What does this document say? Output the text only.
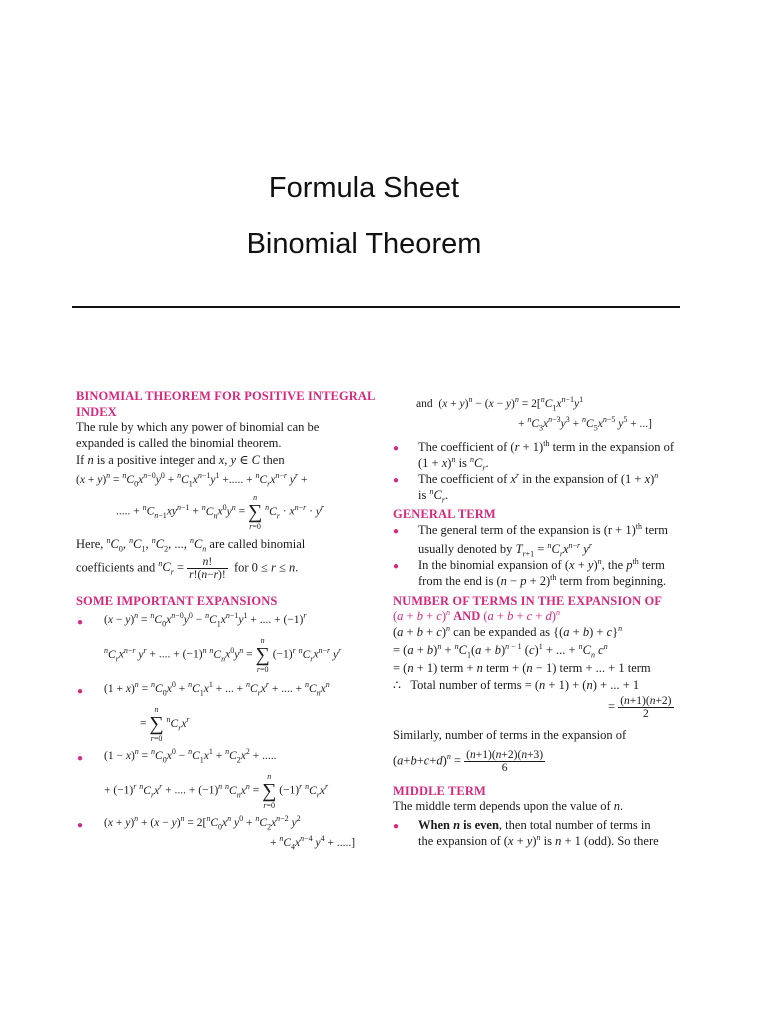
Formula Sheet
Binomial Theorem
BINOMIAL THEOREM FOR POSITIVE INTEGRAL
INDEX
The rule by which any power of binomial can be
expanded is called the binomial theorem.
If n is a positive integer and x, y ∈ C then
$(x + y)^n = ^nC_0x^{n-0}y^0 + ^nC_1x^{n-1}y^1$ +..... + $^nC_rx^{n-r}$ $y^r$ +
..... + $^nC_{n-1}xy^{n-1} + ^nC_nx^0y^n = n$
∑
r=0 $^nC_r \cdot x^{n-r} \cdot y^r$
Here, $^nC_0$, $^nC_1$, $^nC_2$, ..., $^nC_n$ are called binomial
coefficients and $^nC_r = \frac{n!}{r!(n-r)!}$ for 0 ≤ r ≤ n.
SOME IMPORTANT EXPANSIONS
● $(x - y)^n = ^nC_0x^{n-0}y^0 - ^nC_1x^{n-1}y^1$ + .... + $(-1)^r$
$^nC_rx^{n-r}$ $y^r$ + .... + $(-1)^n$ $^nC_nx^0y^n = n$
∑
r=0 $(-1)^r$ $^nC_rx^{n-r}$ $y^r$
● $(1 + x)^n = ^nC_0x^0 + ^nC_1x^1$ + ... + $^nC_rx^r$ + .... + $^nC_nx^n$
= n
∑
r=0 $^nC_rx^r$
● $(1 - x)^n = ^nC_0x^0 - ^nC_1x^1 + ^nC_2x^2$ + .....
+ $(-1)^r$ $^nC_rx^r$ + .... + $(-1)^n$ $^nC_nx^n = n$
∑
r=0 $(-1)^r$ $^nC_rx^r$
● $(x + y)^n + (x - y)^n = 2[^nC_0x^n$ $y^0 + ^nC_2x^{n-2}$ $y^2$
+ $^nC_4x^{n-4}$ $y^4$ + .....]
and  $(x + y)^n - (x - y)^n = 2[^nC_1x^{n-1}y^1$
+ $^nC_3x^{n-3}y^3 + ^nC_5x^{n-5}$ $y^5$ + ...]
● The coefficient of $(r + 1)^{th}$ term in the expansion of
$(1 + x)^n$ is $^nC_r$.
● The coefficient of $x^r$ in the expansion of $(1 + x)^n$
is $^nC_r$.
GENERAL TERM
● The general term of the expansion is $(r + 1)^{th}$ term
usually denoted by $T_{r+1} = ^nC_rx^{n-r}$ $y^r$
● In the binomial expansion of $(x + y)^n$, the $p^{th}$ term
from the end is $(n - p + 2)^{th}$ term from beginning.
NUMBER OF TERMS IN THE EXPANSION OF
$(a + b + c)^n$ AND $(a + b + c + d)^n$
$(a + b + c)^n$ can be expanded as $\{(a + b) + c\}^n$
= $(a + b)^n + ^nC_1(a + b)^{n - 1}$ $(c)^1$ + ... + $^nC_n$ $c^n$
= (n + 1) term + n term + (n − 1) term + ... + 1 term
∴   Total number of terms = (n + 1) + (n) + ... + 1
= $\frac{(n+1)(n+2)}{2}$
Similarly, number of terms in the expansion of
$(a+b+c+d)^n = \frac{(n+1)(n+2)(n+3)}{6}$
MIDDLE TERM
The middle term depends upon the value of n.
● When n is even, then total number of terms in
the expansion of $(x + y)^n$ is n + 1 (odd). So there
